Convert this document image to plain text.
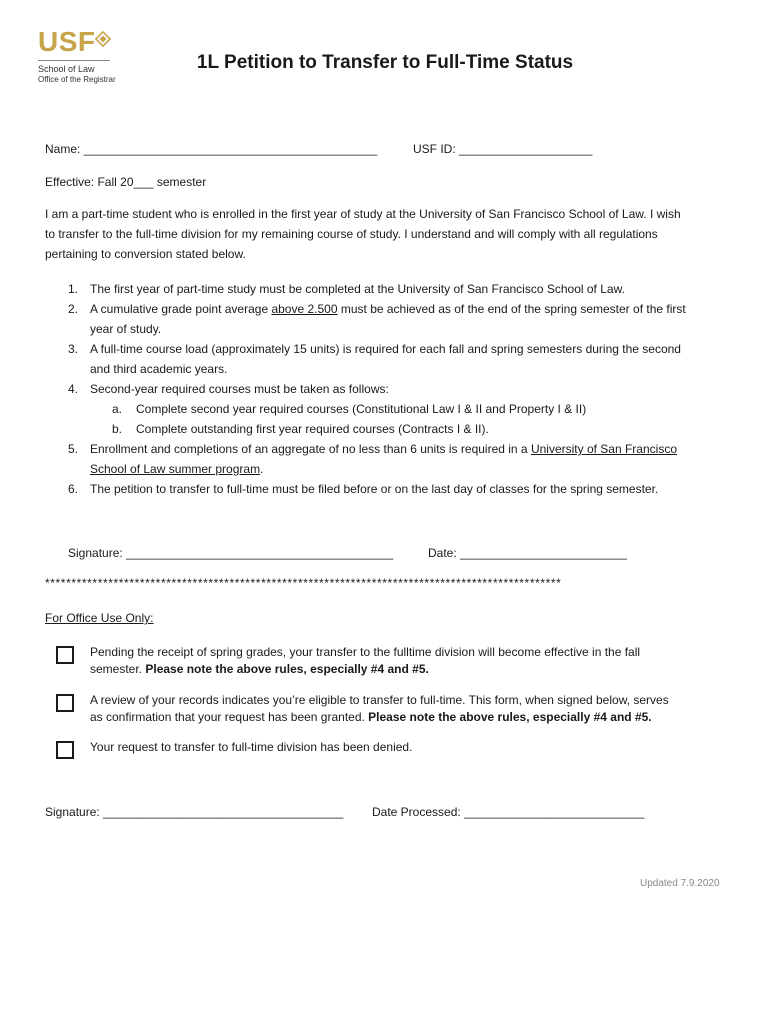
USF
School of Law
Office of the Registrar
1L Petition to Transfer to Full-Time Status
Name: ____________________________________________	USF ID: ____________________
Effective: Fall 20___ semester
I am a part-time student who is enrolled in the first year of study at the University of San Francisco School of Law. I wish
to transfer to the full-time division for my remaining course of study. I understand and will comply with all regulations
pertaining to conversion stated below.
1. The first year of part-time study must be completed at the University of San Francisco School of Law.
2. A cumulative grade point average above 2.500 must be achieved as of the end of the spring semester of the first
year of study.
3. A full-time course load (approximately 15 units) is required for each fall and spring semesters during the second
and third academic years.
4. Second-year required courses must be taken as follows:
a. Complete second year required courses (Constitutional Law I & II and Property I & II)
b. Complete outstanding first year required courses (Contracts I & II).
5. Enrollment and completions of an aggregate of no less than 6 units is required in a University of San Francisco
School of Law summer program.
6. The petition to transfer to full-time must be filed before or on the last day of classes for the spring semester.
Signature: ________________________________________	Date: _________________________
**************************************************************************************************
For Office Use Only:
Pending the receipt of spring grades, your transfer to the fulltime division will become effective in the fall
semester. Please note the above rules, especially #4 and #5.
A review of your records indicates you’re eligible to transfer to full-time. This form, when signed below, serves
as confirmation that your request has been granted. Please note the above rules, especially #4 and #5.
Your request to transfer to full-time division has been denied.
Signature: ____________________________________ Date Processed: ___________________________
Updated 7.9.2020
